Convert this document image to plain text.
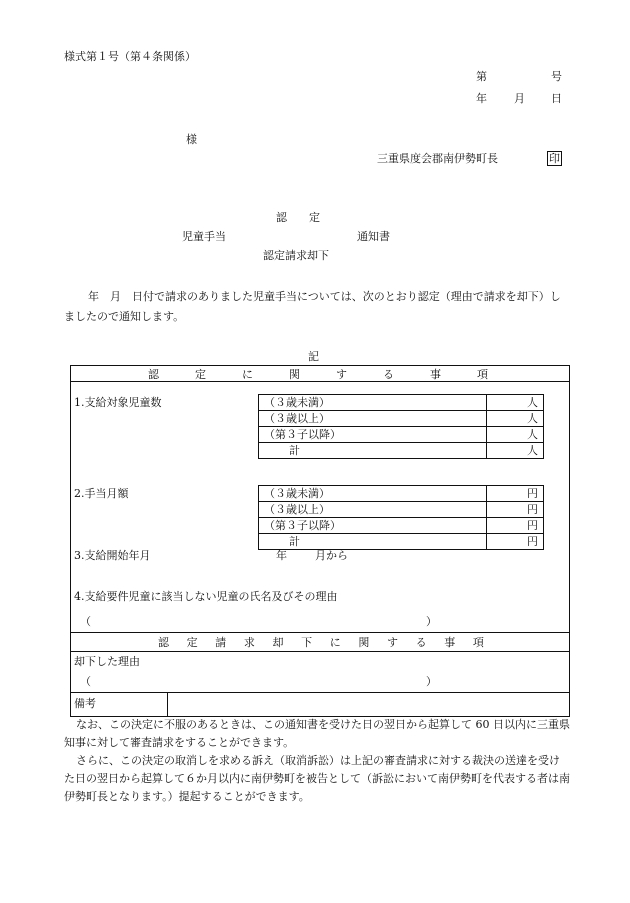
様式第１号（第４条関係）
第	号
年 月 日
様
三重県度会郡南伊勢町長	印
認　　定
児童手当	通知書
認定請求却下
年　月　日付で請求のありました児童手当については、次のとおり認定（理由で請求を却下）しましたので通知します。
記
認	定	に	関	す	る	事	項
1.支給対象児童数	（３歳未満）	人
（３歳以上）	人
（第３子以降）	人
計	人
2.手当月額	（３歳未満）	円
（３歳以上）	円
（第３子以降）	円
計	円
3.支給開始年月	年	月から
4.支給要件児童に該当しない児童の氏名及びその理由
（	）
認 定 請 求 却 下 に 関 す る 事 項
却下した理由
（	）
備考
なお、この決定に不服のあるときは、この通知書を受けた日の翌日から起算して 60 日以内に三重県知事に対して審査請求をすることができます。
さらに、この決定の取消しを求める訴え（取消訴訟）は上記の審査請求に対する裁決の送達を受けた日の翌日から起算して６か月以内に南伊勢町を被告として（訴訟において南伊勢町を代表する者は南伊勢町長となります。）提起することができます。
